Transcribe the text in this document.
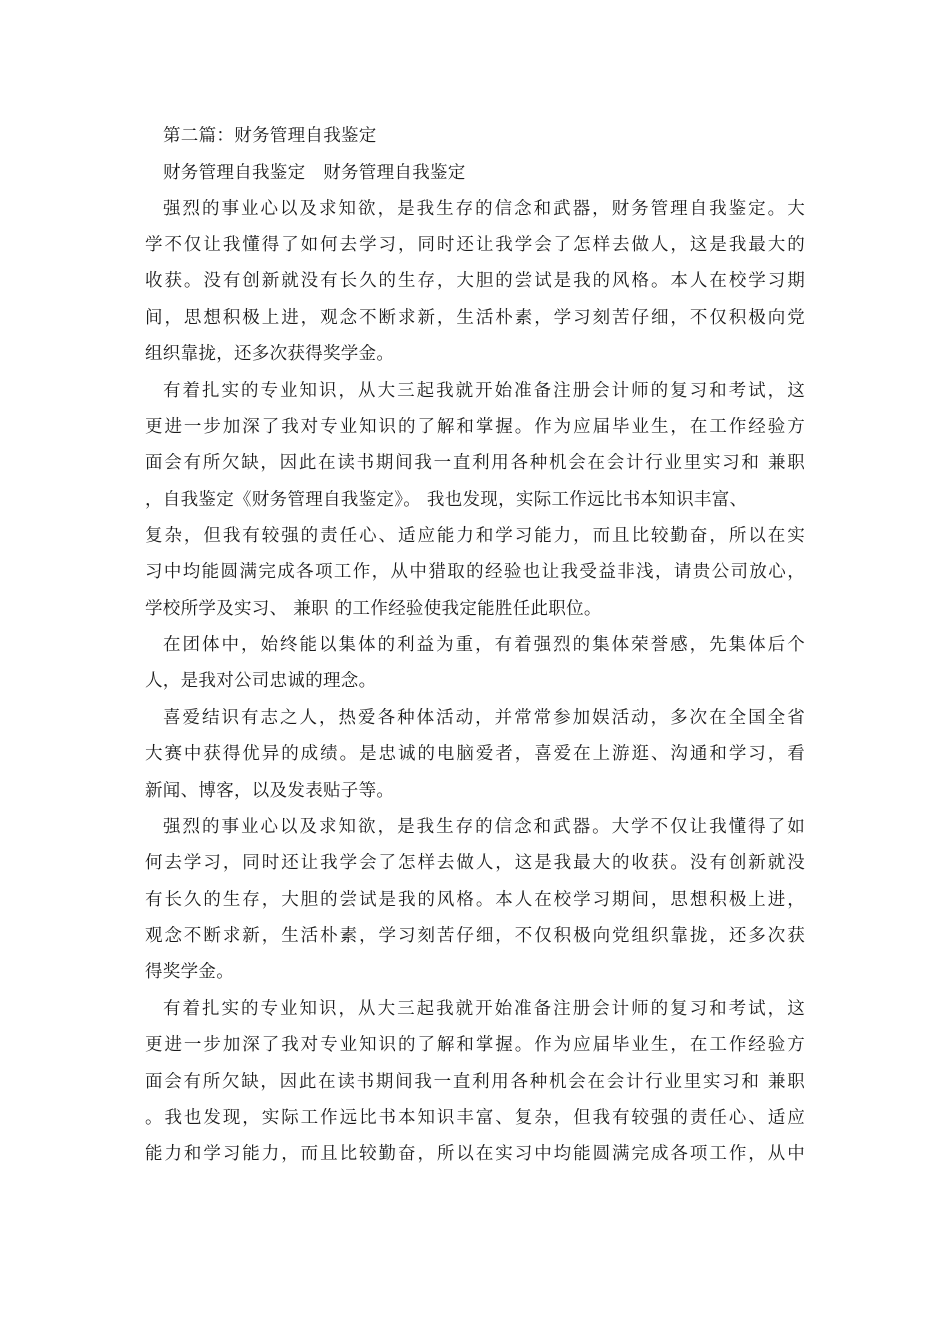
第二篇：财务管理自我鉴定
财务管理自我鉴定　财务管理自我鉴定
强烈的事业心以及求知欲，是我生存的信念和武器，财务管理自我鉴定。大
学不仅让我懂得了如何去学习，同时还让我学会了怎样去做人，这是我最大的
收获。没有创新就没有长久的生存，大胆的尝试是我的风格。本人在校学习期
间，思想积极上进，观念不断求新，生活朴素，学习刻苦仔细，不仅积极向党
组织靠拢，还多次获得奖学金。
有着扎实的专业知识，从大三起我就开始准备注册会计师的复习和考试，这
更进一步加深了我对专业知识的了解和掌握。作为应届毕业生，在工作经验方
面会有所欠缺，因此在读书期间我一直利用各种机会在会计行业里实习和 兼职
，自我鉴定《财务管理自我鉴定》。 我也发现，实际工作远比书本知识丰富、
复杂，但我有较强的责任心、适应能力和学习能力，而且比较勤奋，所以在实
习中均能圆满完成各项工作，从中猎取的经验也让我受益非浅，请贵公司放心，
学校所学及实习、 兼职 的工作经验使我定能胜任此职位。
在团体中，始终能以集体的利益为重，有着强烈的集体荣誉感，先集体后个
人，是我对公司忠诚的理念。
喜爱结识有志之人，热爱各种体活动，并常常参加娱活动，多次在全国全省
大赛中获得优异的成绩。是忠诚的电脑爱者，喜爱在上游逛、沟通和学习，看
新闻、博客，以及发表贴子等。
强烈的事业心以及求知欲，是我生存的信念和武器。大学不仅让我懂得了如
何去学习，同时还让我学会了怎样去做人，这是我最大的收获。没有创新就没
有长久的生存，大胆的尝试是我的风格。本人在校学习期间，思想积极上进，
观念不断求新，生活朴素，学习刻苦仔细，不仅积极向党组织靠拢，还多次获
得奖学金。
有着扎实的专业知识，从大三起我就开始准备注册会计师的复习和考试，这
更进一步加深了我对专业知识的了解和掌握。作为应届毕业生，在工作经验方
面会有所欠缺，因此在读书期间我一直利用各种机会在会计行业里实习和 兼职
。我也发现，实际工作远比书本知识丰富、复杂，但我有较强的责任心、适应
能力和学习能力，而且比较勤奋，所以在实习中均能圆满完成各项工作，从中
